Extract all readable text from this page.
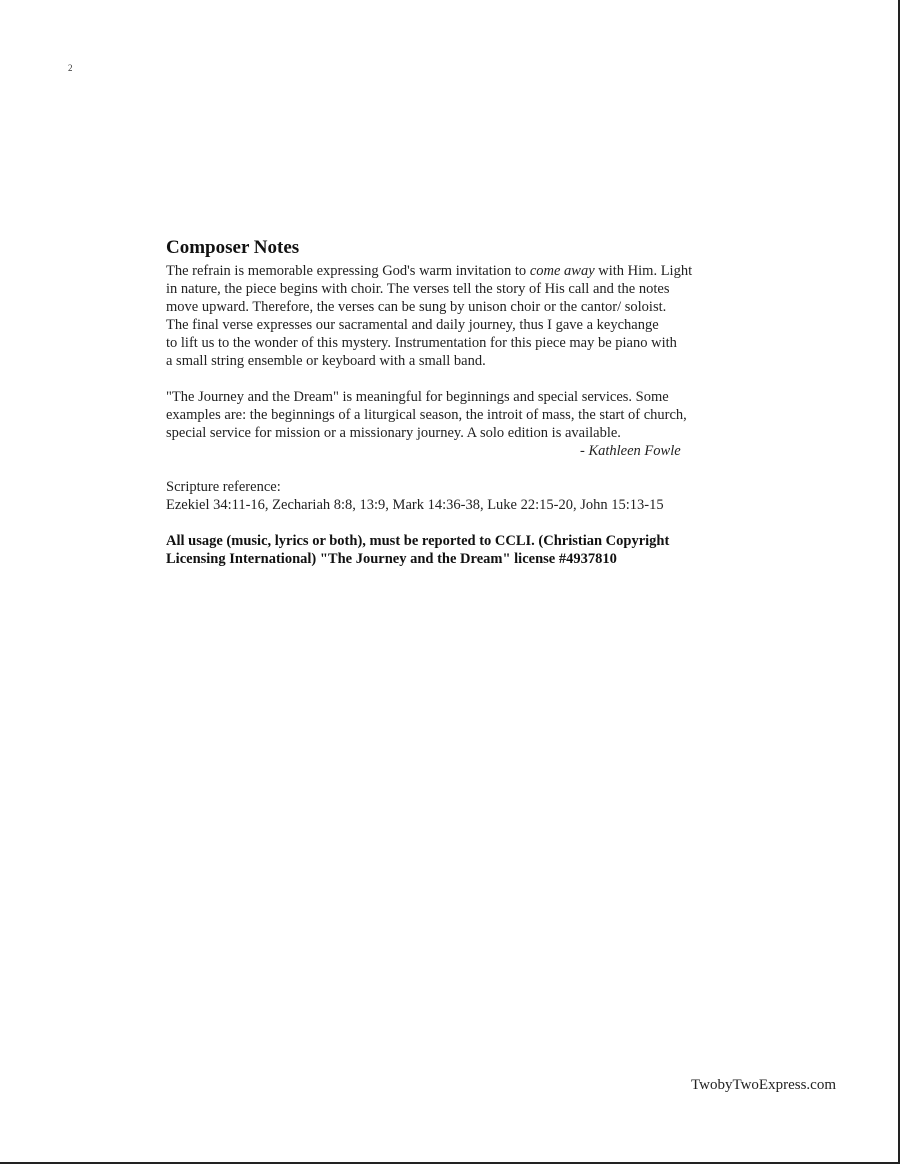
2
Composer Notes
The refrain is memorable expressing God's warm invitation to come away with Him. Light
in nature, the piece begins with choir. The verses tell the story of His call and the notes
move upward. Therefore, the verses can be sung by unison choir or the cantor/ soloist.
The final verse expresses our sacramental and daily journey, thus I gave a keychange
to lift us to the wonder of this mystery. Instrumentation for this piece may be piano with
a small string ensemble or keyboard with a small band.
"The Journey and the Dream" is meaningful for beginnings and special services. Some
examples are: the beginnings of a liturgical season, the introit of mass, the start of church,
special service for mission or a missionary journey. A solo edition is available.
- Kathleen Fowle
Scripture reference:
Ezekiel 34:11-16, Zechariah 8:8, 13:9, Mark 14:36-38, Luke 22:15-20, John 15:13-15
All usage (music, lyrics or both), must be reported to CCLI. (Christian Copyright
Licensing International) "The Journey and the Dream" license #4937810
TwobyTwoExpress.com
